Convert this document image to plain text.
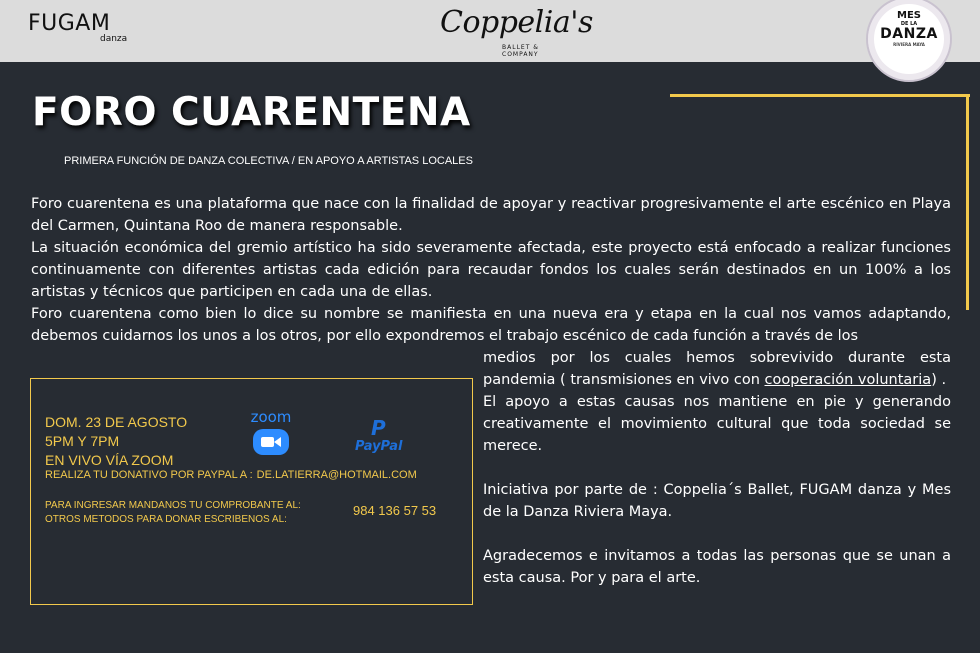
FUGAM
danza	Coppelia's
BALLET & COMPANY
MES
DE LA
DANZA
RIVIERA MAYA
FORO CUARENTENA
PRIMERA FUNCIÓN DE DANZA COLECTIVA / EN APOYO A ARTISTAS LOCALES

Foro cuarentena es una plataforma que nace con la finalidad de apoyar y reactivar progresivamente el arte escénico en Playa del Carmen, Quintana Roo de manera responsable.

La situación económica del gremio artístico ha sido severamente afectada, este proyecto está enfocado a realizar funciones continuamente con diferentes artistas cada edición para recaudar fondos los cuales serán destinados en un 100% a los artistas y técnicos que participen en cada una de ellas.

Foro cuarentena como bien lo dice su nombre se manifiesta en una nueva era y etapa en la cual nos vamos adaptando, debemos cuidarnos los unos a los otros, por ello expondremos el trabajo escénico de cada función a través de los

medios por los cuales hemos sobrevivido durante esta pandemia ( transmisiones en vivo con cooperación voluntaria) .

El apoyo a estas causas nos mantiene en pie y generando creativamente el movimiento cultural que toda sociedad se merece.

Iniciativa por parte de : Coppelia´s Ballet, FUGAM danza y Mes de la Danza Riviera Maya.

Agradecemos e invitamos a todas las personas que se unan a esta causa. Por y para el arte.

DOM. 23 DE AGOSTO
5PM Y 7PM
EN VIVO VÍA ZOOM
zoom	P
PayPal
REALIZA TU DONATIVO POR PAYPAL A : DE.LATIERRA@HOTMAIL.COM
PARA INGRESAR MANDANOS TU COMPROBANTE AL:
OTROS METODOS PARA DONAR ESCRIBENOS AL:
984 136 57 53
